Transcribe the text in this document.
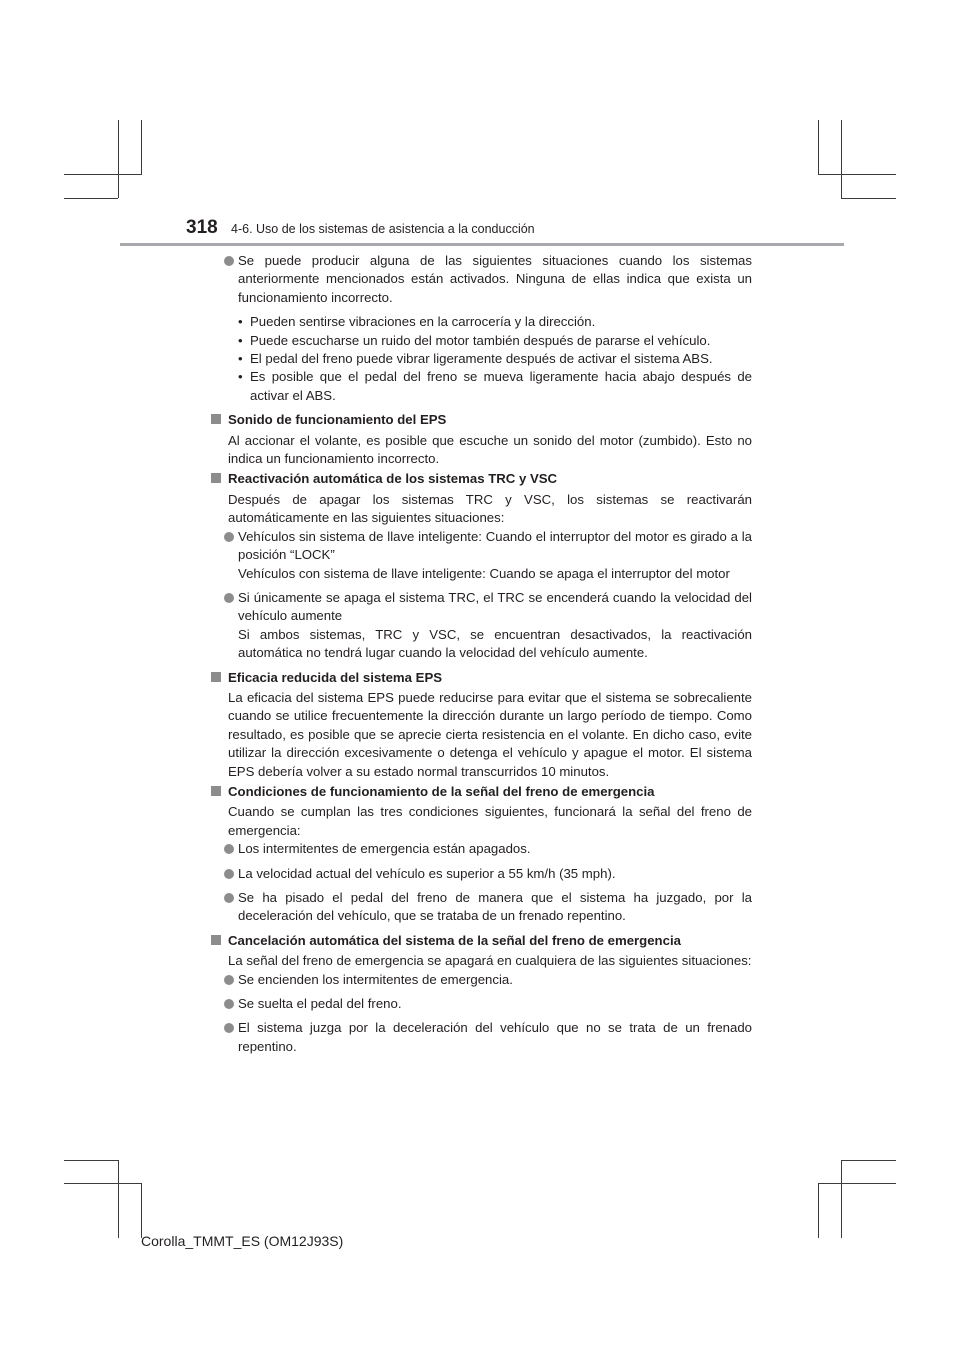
318 4-6. Uso de los sistemas de asistencia a la conducción

Se puede producir alguna de las siguientes situaciones cuando los sistemas anteriormente mencionados están activados. Ninguna de ellas indica que exista un funcionamiento incorrecto.

• Pueden sentirse vibraciones en la carrocería y la dirección.
• Puede escucharse un ruido del motor también después de pararse el vehículo.
• El pedal del freno puede vibrar ligeramente después de activar el sistema ABS.
• Es posible que el pedal del freno se mueva ligeramente hacia abajo después de activar el ABS.
Sonido de funcionamiento del EPS

Al accionar el volante, es posible que escuche un sonido del motor (zumbido). Esto no indica un funcionamiento incorrecto.

Reactivación automática de los sistemas TRC y VSC

Después de apagar los sistemas TRC y VSC, los sistemas se reactivarán automáticamente en las siguientes situaciones:

Vehículos sin sistema de llave inteligente: Cuando el interruptor del motor es girado a la posición “LOCK”

Vehículos con sistema de llave inteligente: Cuando se apaga el interruptor del motor

Si únicamente se apaga el sistema TRC, el TRC se encenderá cuando la velocidad del vehículo aumente

Si ambos sistemas, TRC y VSC, se encuentran desactivados, la reactivación automática no tendrá lugar cuando la velocidad del vehículo aumente.

Eficacia reducida del sistema EPS

La eficacia del sistema EPS puede reducirse para evitar que el sistema se sobrecaliente cuando se utilice frecuentemente la dirección durante un largo período de tiempo. Como resultado, es posible que se aprecie cierta resistencia en el volante. En dicho caso, evite utilizar la dirección excesivamente o detenga el vehículo y apague el motor. El sistema EPS debería volver a su estado normal transcurridos 10 minutos.

Condiciones de funcionamiento de la señal del freno de emergencia

Cuando se cumplan las tres condiciones siguientes, funcionará la señal del freno de emergencia:

Los intermitentes de emergencia están apagados.

La velocidad actual del vehículo es superior a 55 km/h (35 mph).

Se ha pisado el pedal del freno de manera que el sistema ha juzgado, por la deceleración del vehículo, que se trataba de un frenado repentino.

Cancelación automática del sistema de la señal del freno de emergencia

La señal del freno de emergencia se apagará en cualquiera de las siguientes situaciones:

Se encienden los intermitentes de emergencia.

Se suelta el pedal del freno.

El sistema juzga por la deceleración del vehículo que no se trata de un frenado repentino.

Corolla_TMMT_ES (OM12J93S)
